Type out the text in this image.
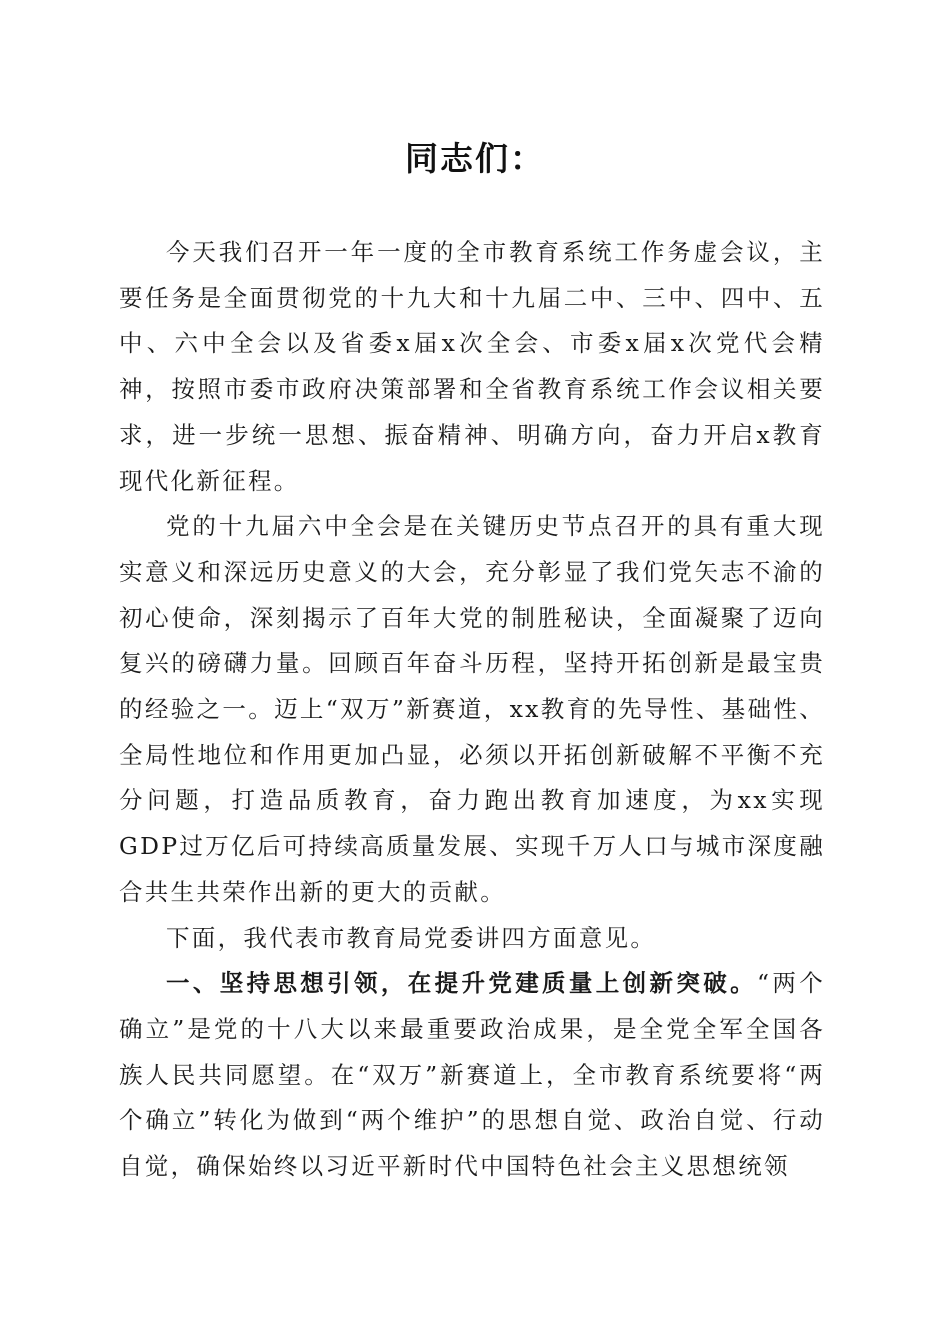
同志们：

今天我们召开一年一度的全市教育系统工作务虚会议，主要任务是全面贯彻党的十九大和十九届二中、三中、四中、五中、六中全会以及省委x届x次全会、市委x届x次党代会精神，按照市委市政府决策部署和全省教育系统工作会议相关要求，进一步统一思想、振奋精神、明确方向，奋力开启x教育现代化新征程。

党的十九届六中全会是在关键历史节点召开的具有重大现实意义和深远历史意义的大会，充分彰显了我们党矢志不渝的初心使命，深刻揭示了百年大党的制胜秘诀，全面凝聚了迈向复兴的磅礴力量。回顾百年奋斗历程，坚持开拓创新是最宝贵的经验之一。迈上“双万”新赛道，xx教育的先导性、基础性、全局性地位和作用更加凸显，必须以开拓创新破解不平衡不充分问题，打造品质教育，奋力跑出教育加速度，为xx实现GDP过万亿后可持续高质量发展、实现千万人口与城市深度融合共生共荣作出新的更大的贡献。

下面，我代表市教育局党委讲四方面意见。

一、坚持思想引领，在提升党建质量上创新突破。“两个确立”是党的十八大以来最重要政治成果，是全党全军全国各族人民共同愿望。在“双万”新赛道上，全市教育系统要将“两个确立”转化为做到“两个维护”的思想自觉、政治自觉、行动自觉，确保始终以习近平新时代中国特色社会主义思想统领
